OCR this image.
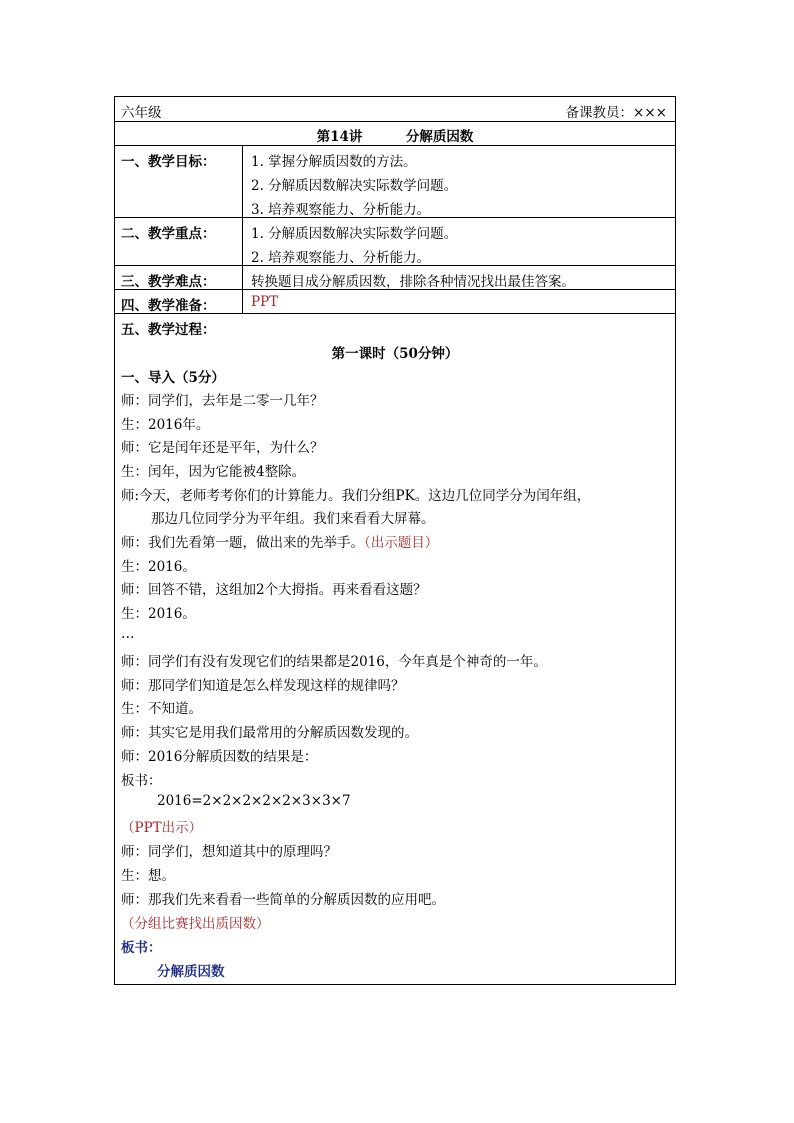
六年级	备课教员：×××
第14讲	分解质因数
一、教学目标：	1. 掌握分解质因数的方法。
2. 分解质因数解决实际数学问题。
3. 培养观察能力、分析能力。
二、教学重点：	1. 分解质因数解决实际数学问题。
2. 培养观察能力、分析能力。
三、教学难点：	转换题目成分解质因数，排除各种情况找出最佳答案。
四、教学准备：	PPT
五、教学过程：
第一课时（50分钟）
一、导入（5分）
师：同学们，去年是二零一几年？
生：2016年。
师：它是闰年还是平年，为什么？
生：闰年，因为它能被4整除。
师:今天，老师考考你们的计算能力。我们分组PK。这边几位同学分为闰年组，
那边几位同学分为平年组。我们来看看大屏幕。
师：我们先看第一题，做出来的先举手。（出示题目）
生：2016。
师：回答不错，这组加2个大拇指。再来看看这题？
生：2016。
…
师：同学们有没有发现它们的结果都是2016，今年真是个神奇的一年。
师：那同学们知道是怎么样发现这样的规律吗？
生：不知道。
师：其实它是用我们最常用的分解质因数发现的。
师：2016分解质因数的结果是：
板书：
2016=2×2×2×2×2×3×3×7
（PPT出示）
师：同学们，想知道其中的原理吗？
生：想。
师：那我们先来看看一些简单的分解质因数的应用吧。
（分组比赛找出质因数）
板书：
分解质因数
